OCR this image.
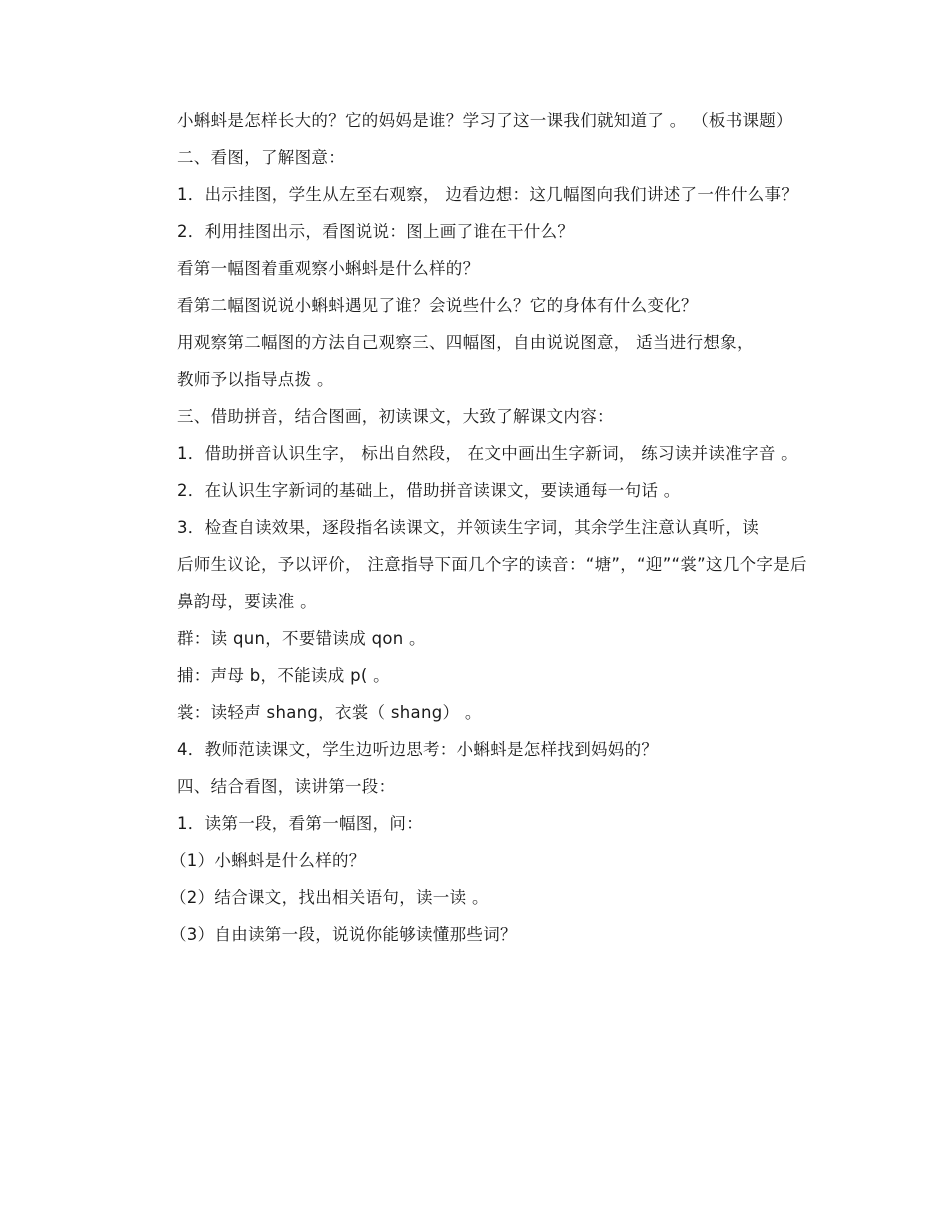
小蝌蚪是怎样长大的？它的妈妈是谁？学习了这一课我们就知道了 。 （板书课题）

二、看图，了解图意：

1．出示挂图，学生从左至右观察， 边看边想：这几幅图向我们讲述了一件什么事？

2．利用挂图出示，看图说说：图上画了谁在干什么？

看第一幅图着重观察小蝌蚪是什么样的？

看第二幅图说说小蝌蚪遇见了谁？会说些什么？它的身体有什么变化？

用观察第二幅图的方法自己观察三、四幅图，自由说说图意， 适当进行想象，

教师予以指导点拨 。

三、借助拼音，结合图画，初读课文，大致了解课文内容：

1．借助拼音认识生字， 标出自然段， 在文中画出生字新词， 练习读并读准字音 。

2．在认识生字新词的基础上，借助拼音读课文，要读通每一句话 。

3．检查自读效果，逐段指名读课文，并领读生字词，其余学生注意认真听，读

后师生议论，予以评价， 注意指导下面几个字的读音：“塘”，“迎”“裳”这几个字是后

鼻韵母，要读准 。

群：读 qun，不要错读成 qon 。

捕：声母 b，不能读成 p( 。

裳：读轻声 shang，衣裳（ shang） 。

4．教师范读课文，学生边听边思考：小蝌蚪是怎样找到妈妈的？

四、结合看图，读讲第一段：

1．读第一段，看第一幅图，问：

（1）小蝌蚪是什么样的？

（2）结合课文，找出相关语句，读一读 。

（3）自由读第一段，说说你能够读懂那些词？
